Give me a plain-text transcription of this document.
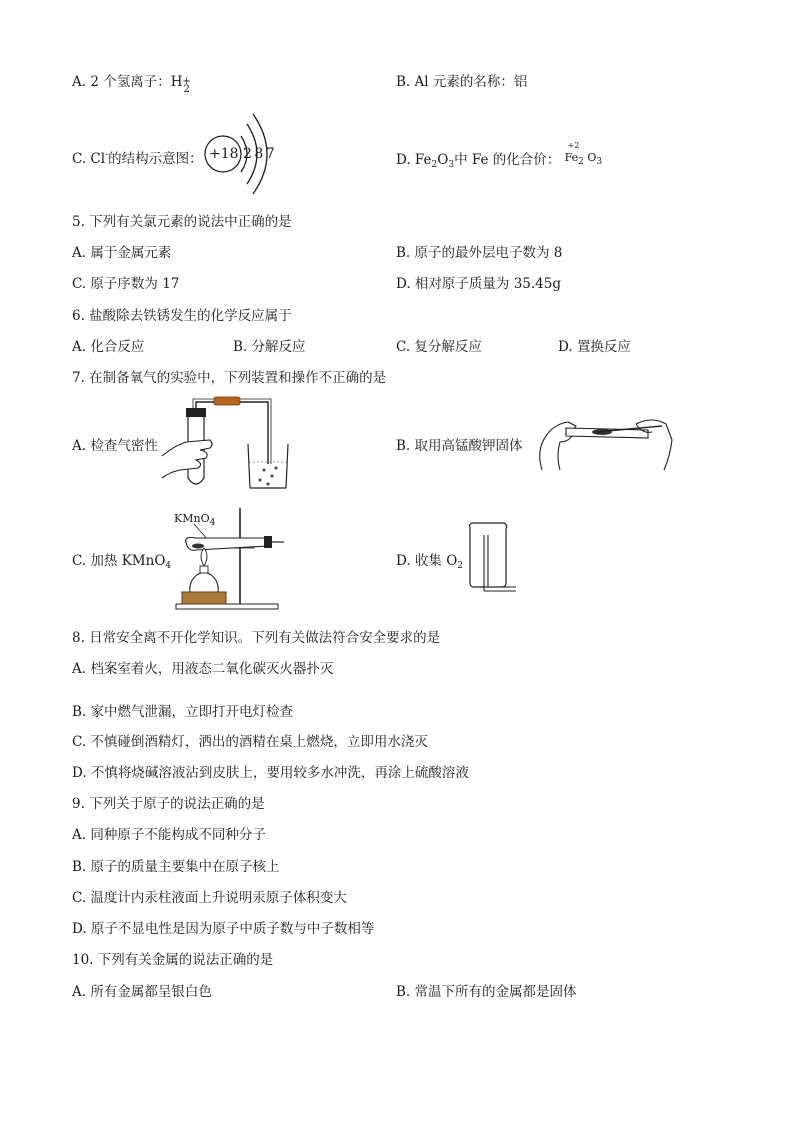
A. 2 个氢离子：H +
2	B. Al 元素的名称：铝
C. Cl-的结构示意图： +18 2 8 7	D. $Fe_2O_3$中 Fe 的化合价：
+2
$Fe_2$ $O_3$
5. 下列有关氯元素的说法中正确的是
A. 属于金属元素	B. 原子的最外层电子数为 8
C. 原子序数为 17	D. 相对原子质量为 35.45g
6. 盐酸除去铁锈发生的化学反应属于
A. 化合反应	B. 分解反应	C. 复分解反应	D. 置换反应
7. 在制备氧气的实验中，下列装置和操作不正确的是
A. 检查气密性	B. 取用高锰酸钾固体
KMnO$_4$
C. 加热 KMnO$_4$	D. 收集 $O_2$
8. 日常安全离不开化学知识。下列有关做法符合安全要求的是
A. 档案室着火，用液态二氧化碳灭火器扑灭
B. 家中燃气泄漏，立即打开电灯检查
C. 不慎碰倒酒精灯，洒出的酒精在桌上燃烧，立即用水浇灭
D. 不慎将烧碱溶液沾到皮肤上，要用较多水冲洗，再涂上硫酸溶液
9. 下列关于原子的说法正确的是
A. 同种原子不能构成不同种分子
B. 原子的质量主要集中在原子核上
C. 温度计内汞柱液面上升说明汞原子体积变大
D. 原子不显电性是因为原子中质子数与中子数相等
10. 下列有关金属的说法正确的是
A. 所有金属都呈银白色	B. 常温下所有的金属都是固体
